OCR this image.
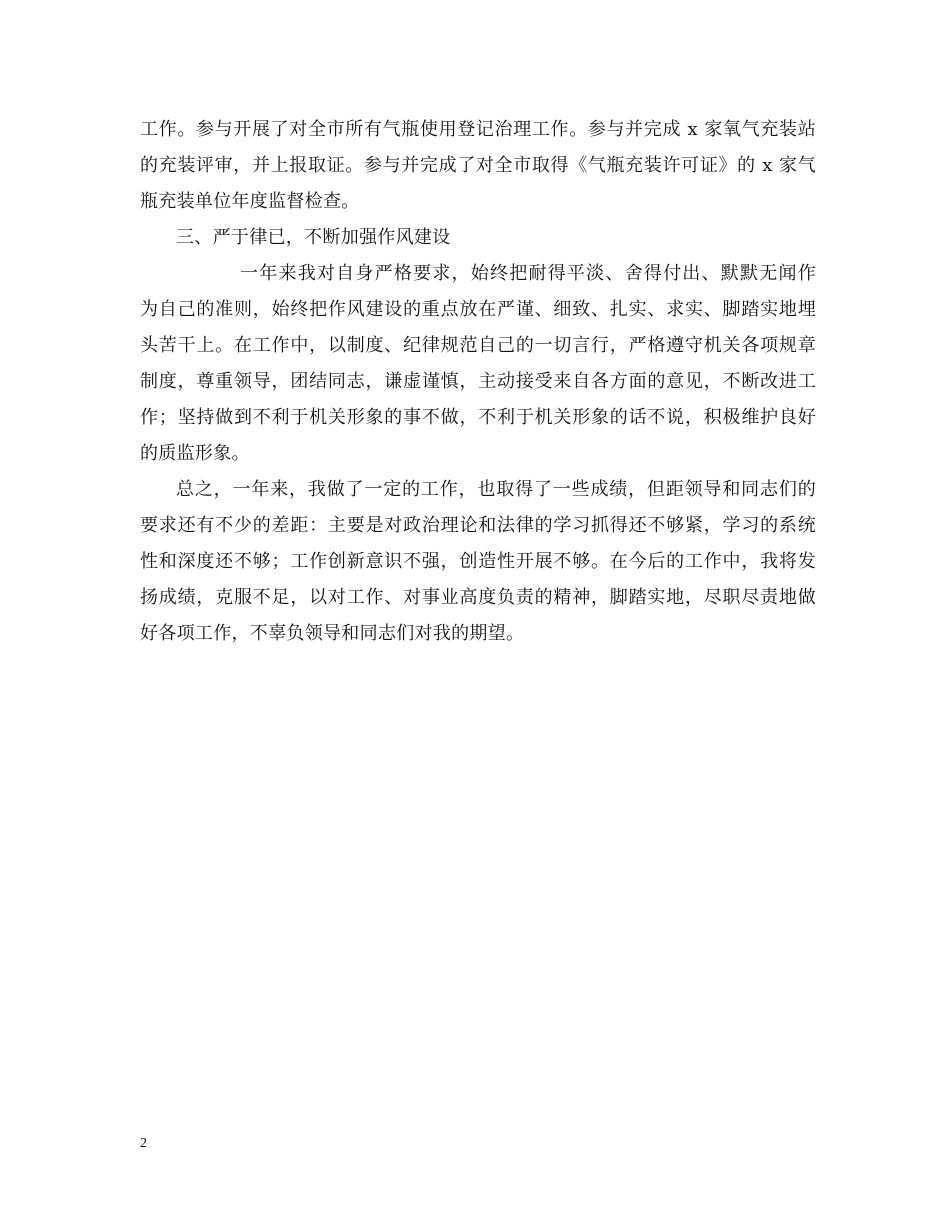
工作。参与开展了对全市所有气瓶使用登记治理工作。参与并完成 x 家氧气充装站
的充装评审，并上报取证。参与并完成了对全市取得《气瓶充装许可证》的 x 家气
瓶充装单位年度监督检查。
三、严于律已，不断加强作风建设
一年来我对自身严格要求，始终把耐得平淡、舍得付出、默默无闻作
为自己的准则，始终把作风建设的重点放在严谨、细致、扎实、求实、脚踏实地埋
头苦干上。在工作中，以制度、纪律规范自己的一切言行，严格遵守机关各项规章
制度，尊重领导，团结同志，谦虚谨慎，主动接受来自各方面的意见，不断改进工
作；坚持做到不利于机关形象的事不做，不利于机关形象的话不说，积极维护良好
的质监形象。
总之，一年来，我做了一定的工作，也取得了一些成绩，但距领导和同志们的
要求还有不少的差距：主要是对政治理论和法律的学习抓得还不够紧，学习的系统
性和深度还不够；工作创新意识不强，创造性开展不够。在今后的工作中，我将发
扬成绩，克服不足，以对工作、对事业高度负责的精神，脚踏实地，尽职尽责地做
好各项工作，不辜负领导和同志们对我的期望。
2
